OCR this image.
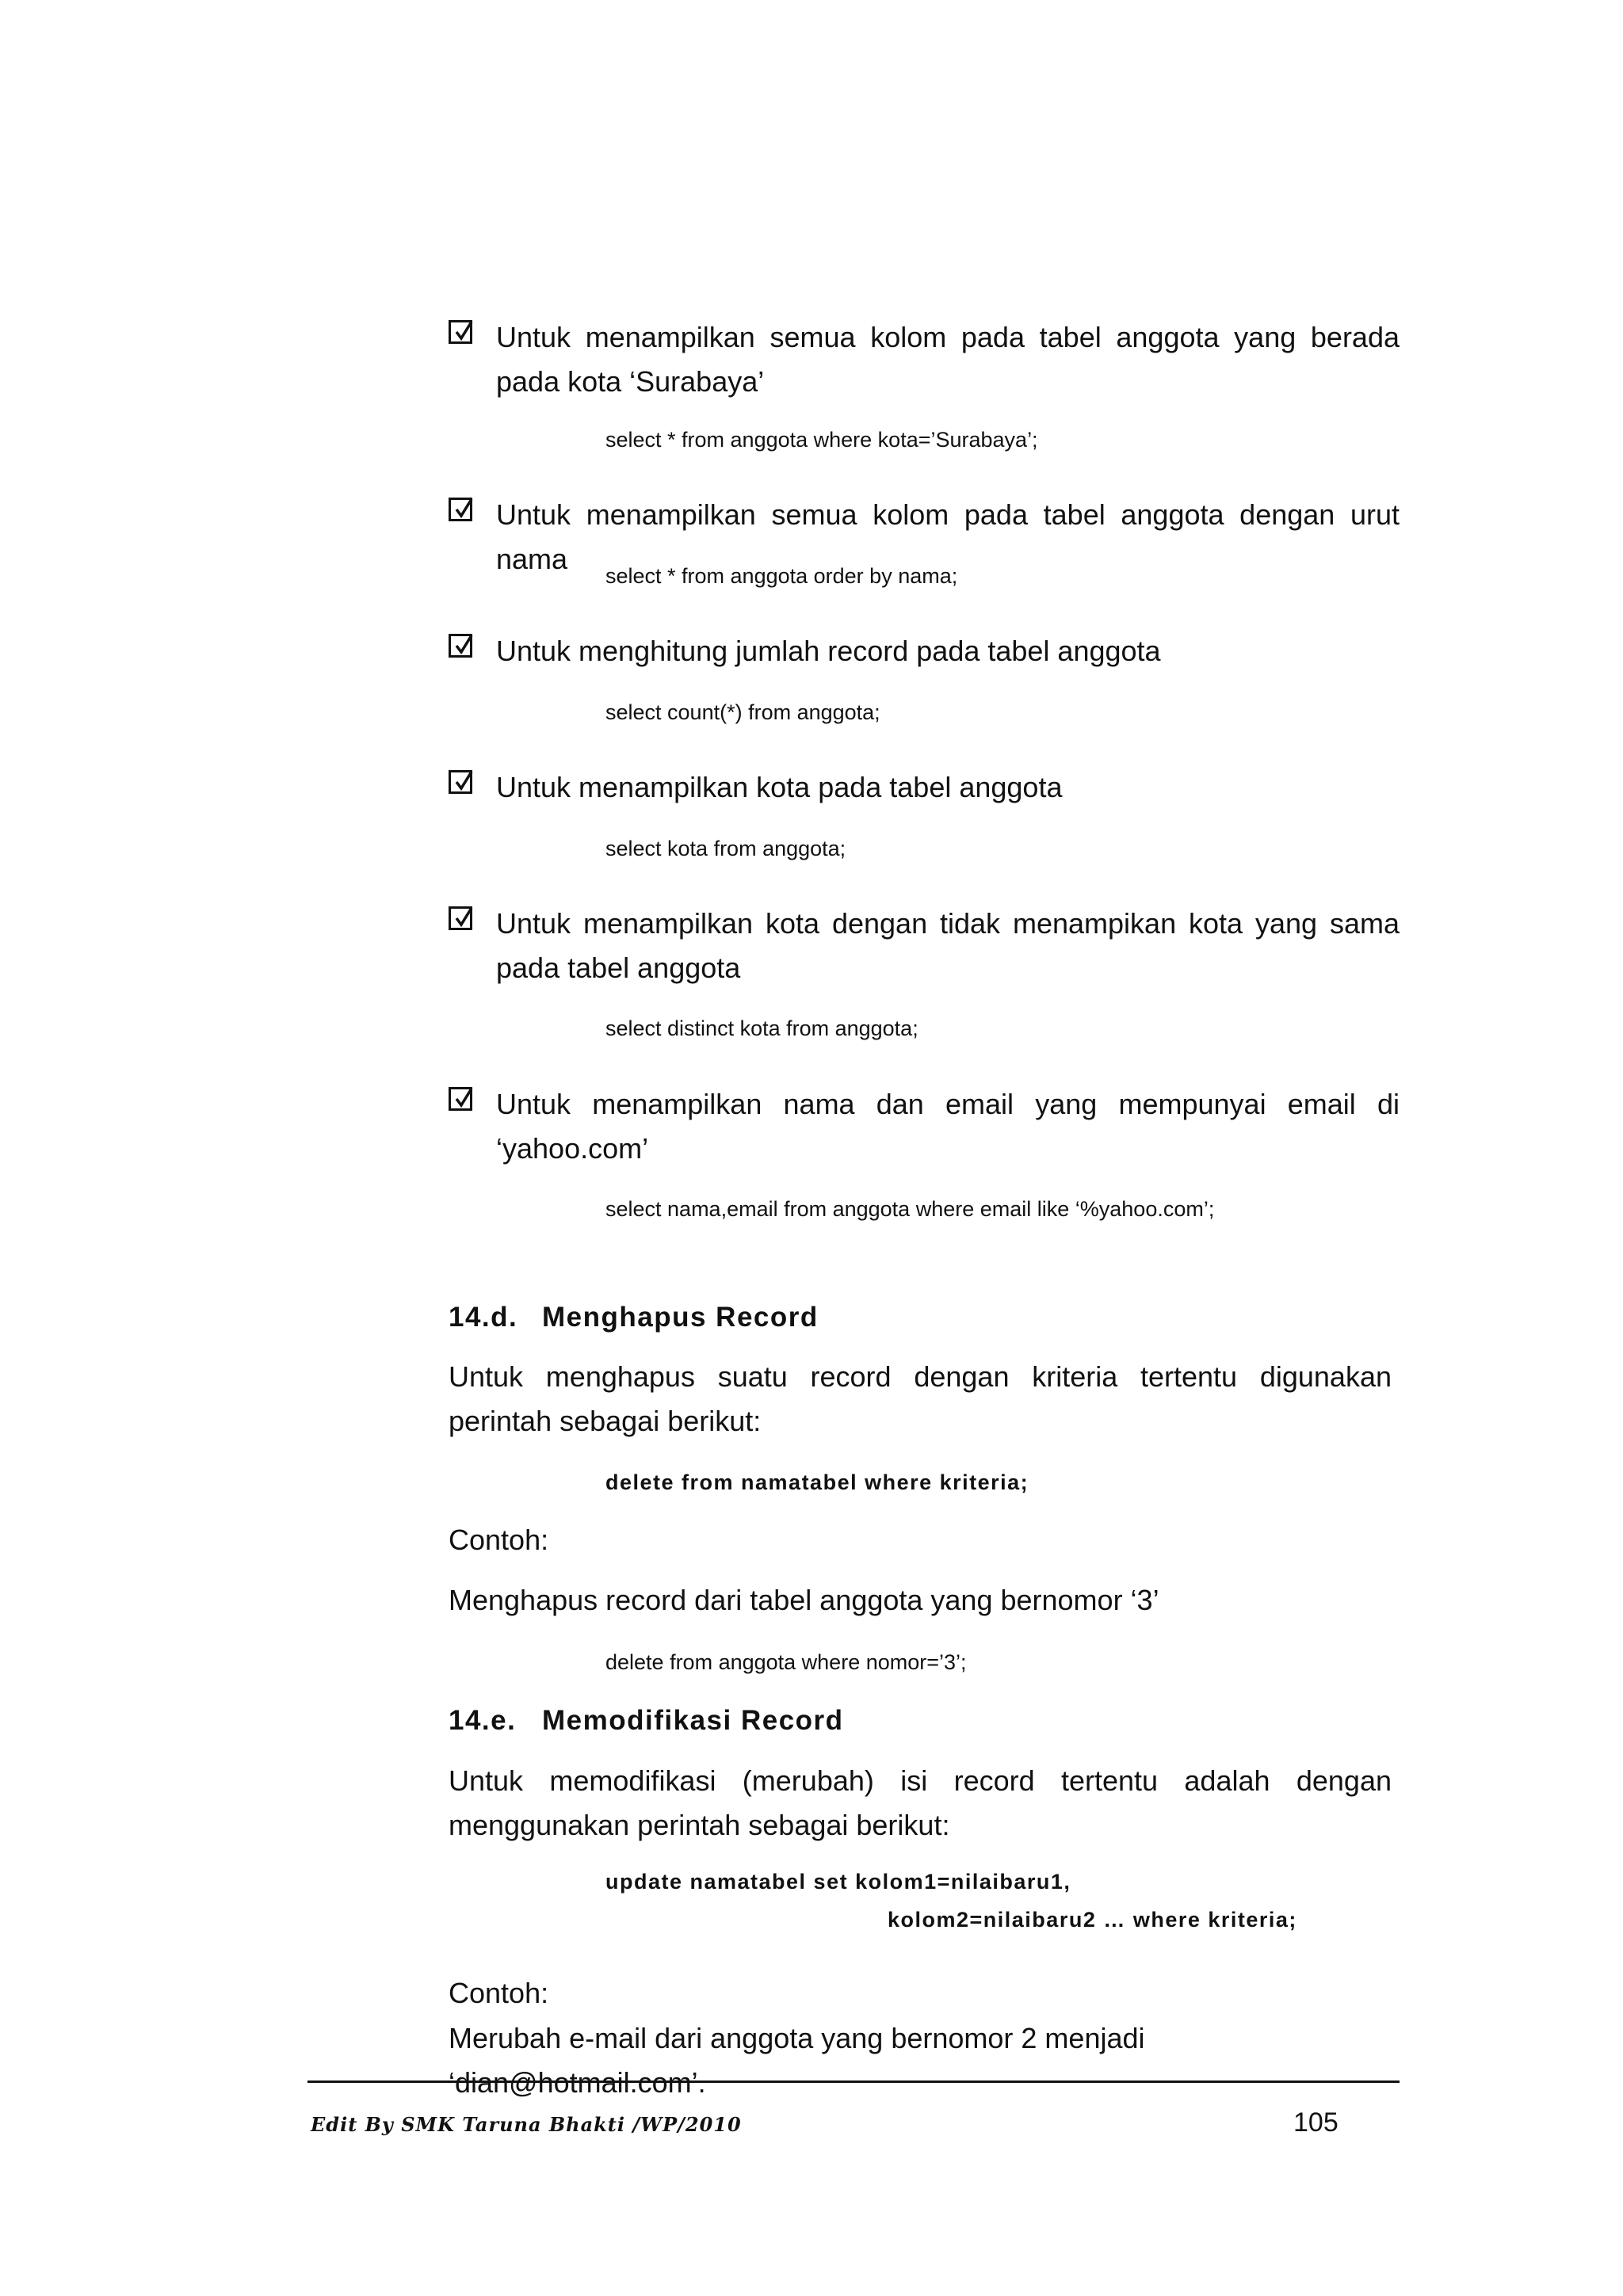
Untuk menampilkan semua kolom pada tabel anggota yang berada pada kota ‘Surabaya’
select * from anggota where kota=’Surabaya’;
Untuk menampilkan semua kolom pada tabel anggota dengan urut nama
select * from anggota order by nama;
Untuk menghitung jumlah record pada tabel anggota
select count(*) from anggota;
Untuk menampilkan kota pada tabel anggota
select kota from anggota;
Untuk menampilkan kota dengan tidak menampikan kota yang sama pada tabel anggota
select distinct kota from anggota;
Untuk menampilkan nama dan email yang mempunyai email di
‘yahoo.com’
select nama,email from anggota where email like ‘%yahoo.com’;
14.d. Menghapus Record
Untuk menghapus suatu record dengan kriteria tertentu digunakan perintah sebagai berikut:
delete from namatabel where kriteria;
Contoh:
Menghapus record dari tabel anggota yang bernomor ‘3’
delete from anggota where nomor=’3’;
14.e. Memodifikasi Record
Untuk memodifikasi (merubah) isi record tertentu adalah dengan menggunakan perintah sebagai berikut:
update namatabel set kolom1=nilaibaru1,
kolom2=nilaibaru2 … where kriteria;
Contoh:
Merubah e-mail dari anggota yang bernomor 2 menjadi ‘dian@hotmail.com’.
Edit By SMK Taruna Bhakti /WP/2010	105
